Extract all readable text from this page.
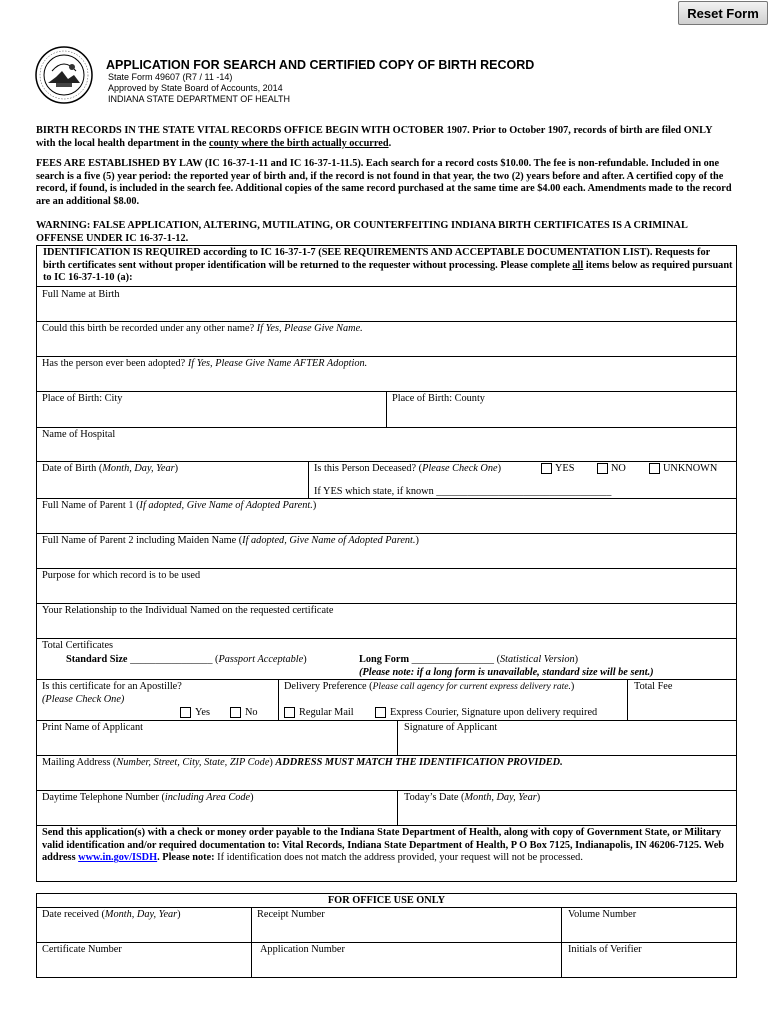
Reset Form
APPLICATION FOR SEARCH AND CERTIFIED COPY OF BIRTH RECORD
State Form 49607 (R7 / 11 -14)
Approved by State Board of Accounts, 2014
INDIANA STATE DEPARTMENT OF HEALTH
BIRTH RECORDS IN THE STATE VITAL RECORDS OFFICE BEGIN WITH OCTOBER 1907. Prior to October 1907, records of birth are filed ONLY with the local health department in the county where the birth actually occurred.
FEES ARE ESTABLISHED BY LAW (IC 16-37-1-11 and IC 16-37-1-11.5). Each search for a record costs $10.00. The fee is non-refundable. Included in one search is a five (5) year period: the reported year of birth and, if the record is not found in that year, the two (2) years before and after. A certified copy of the record, if found, is included in the search fee. Additional copies of the same record purchased at the same time are $4.00 each. Amendments made to the record are an additional $8.00.
WARNING: FALSE APPLICATION, ALTERING, MUTILATING, OR COUNTERFEITING INDIANA BIRTH CERTIFICATES IS A CRIMINAL OFFENSE UNDER IC 16-37-1-12.
IDENTIFICATION IS REQUIRED according to IC 16-37-1-7 (SEE REQUIREMENTS AND ACCEPTABLE DOCUMENTATION LIST). Requests for birth certificates sent without proper identification will be returned to the requester without processing. Please complete all items below as required pursuant to IC 16-37-1-10 (a):
Full Name at Birth
Could this birth be recorded under any other name? If Yes, Please Give Name.
Has the person ever been adopted? If Yes, Please Give Name AFTER Adoption.
Place of Birth: City	Place of Birth: County
Name of Hospital
Date of Birth (Month, Day, Year)	Is this Person Deceased? (Please Check One)	YES	NO	UNKNOWN
If YES which state, if known __________________________________
Full Name of Parent 1 (If adopted, Give Name of Adopted Parent.)
Full Name of Parent 2 including Maiden Name (If adopted, Give Name of Adopted Parent.)
Purpose for which record is to be used
Your Relationship to the Individual Named on the requested certificate
Total Certificates
Standard Size ________________ (Passport Acceptable)	Long Form ________________ (Statistical Version)
(Please note: if a long form is unavailable, standard size will be sent.)
Is this certificate for an Apostille?
(Please Check One)
Yes	No
Delivery Preference (Please call agency for current express delivery rate.)
Regular Mail	Express Courier, Signature upon delivery required
Total Fee
Print Name of Applicant	Signature of Applicant
Mailing Address (Number, Street, City, State, ZIP Code) ADDRESS MUST MATCH THE IDENTIFICATION PROVIDED.
Daytime Telephone Number (including Area Code)	Today’s Date (Month, Day, Year)
Send this application(s) with a check or money order payable to the Indiana State Department of Health, along with copy of Government State, or Military valid identification and/or required documentation to: Vital Records, Indiana State Department of Health, P O Box 7125, Indianapolis, IN 46206-7125. Web address www.in.gov/ISDH. Please note: If identification does not match the address provided, your request will not be processed.
FOR OFFICE USE ONLY
Date received (Month, Day, Year)	Receipt Number	Volume Number
Certificate Number	Application Number	Initials of Verifier
